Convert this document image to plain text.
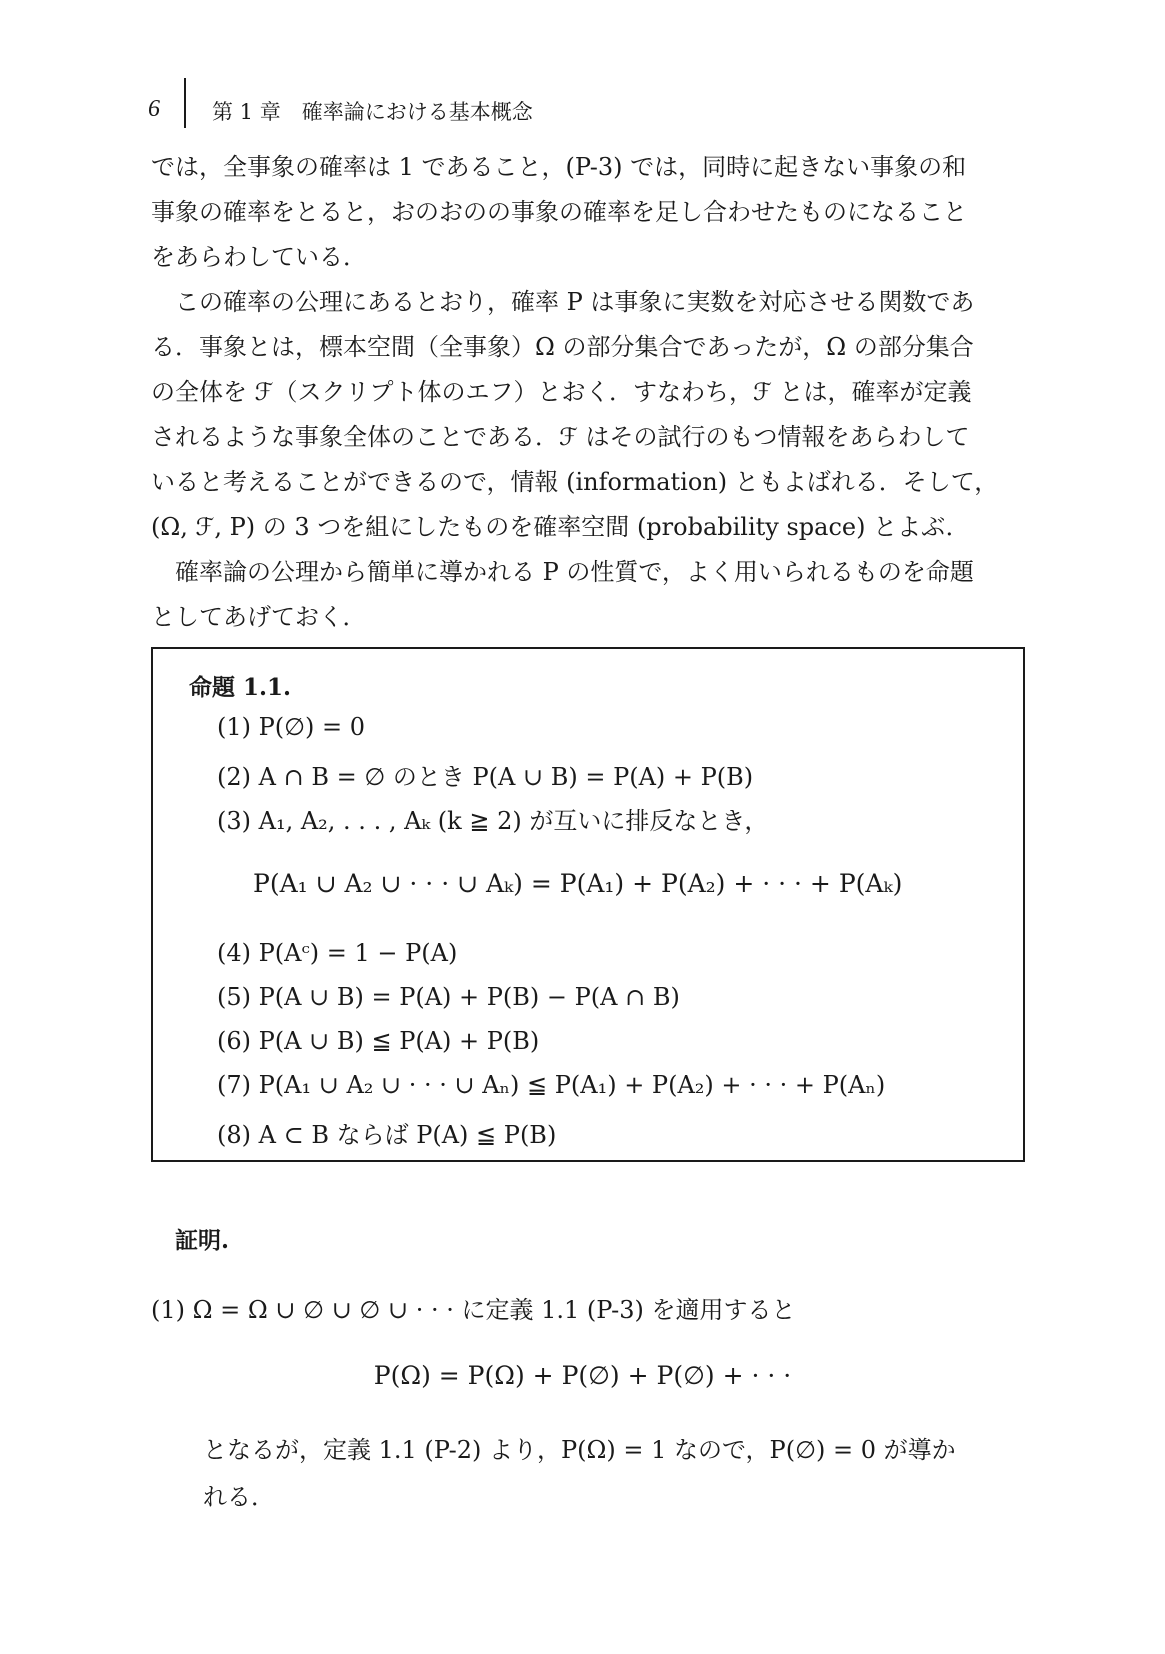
6 第 1 章　確率論における基本概念
では，全事象の確率は 1 であること，(P-3) では，同時に起きない事象の和
事象の確率をとると，おのおのの事象の確率を足し合わせたものになること
をあらわしている．
この確率の公理にあるとおり，確率 P は事象に実数を対応させる関数であ
る．事象とは，標本空間（全事象）Ω の部分集合であったが，Ω の部分集合
の全体を ℱ（スクリプト体のエフ）とおく．すなわち，ℱ とは，確率が定義
されるような事象全体のことである．ℱ はその試行のもつ情報をあらわして
いると考えることができるので，情報 (information) ともよばれる．そして，
(Ω, ℱ, P) の 3 つを組にしたものを確率空間 (probability space) とよぶ．
確率論の公理から簡単に導かれる P の性質で，よく用いられるものを命題
としてあげておく．
命題 1.1.
(1) P(∅) = 0
(2) A ∩ B = ∅ のとき P(A ∪ B) = P(A) + P(B)
(3) A₁, A₂, . . . , Aₖ (k ≧ 2) が互いに排反なとき，
P(A₁ ∪ A₂ ∪ · · · ∪ Aₖ) = P(A₁) + P(A₂) + · · · + P(Aₖ)
(4) P(Aᶜ) = 1 − P(A)
(5) P(A ∪ B) = P(A) + P(B) − P(A ∩ B)
(6) P(A ∪ B) ≦ P(A) + P(B)
(7) P(A₁ ∪ A₂ ∪ · · · ∪ Aₙ) ≦ P(A₁) + P(A₂) + · · · + P(Aₙ)
(8) A ⊂ B ならば P(A) ≦ P(B)
証明.
(1) Ω = Ω ∪ ∅ ∪ ∅ ∪ · · · に定義 1.1 (P-3) を適用すると
P(Ω) = P(Ω) + P(∅) + P(∅) + · · ·
となるが，定義 1.1 (P-2) より，P(Ω) = 1 なので，P(∅) = 0 が導か
れる．
